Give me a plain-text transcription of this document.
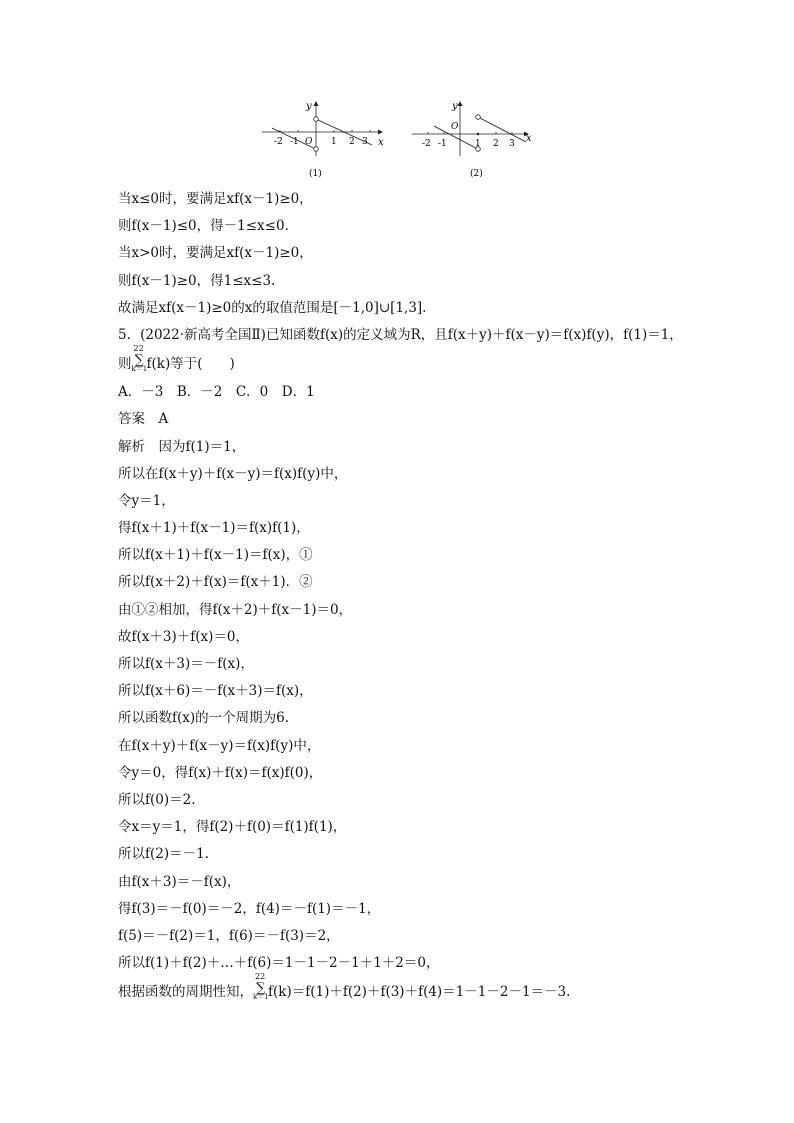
y
x
-2 -1 O 1 2 3
(1)
y
x
O
-2 -1	1 2 3
(2)
当x≤0时，要满足xf(x－1)≥0，
则f(x－1)≤0，得－1≤x≤0.
当x>0时，要满足xf(x－1)≥0，
则f(x－1)≥0，得1≤x≤3.
故满足xf(x－1)≥0的x的取值范围是[－1,0]∪[1,3].
5．(2022·新高考全国Ⅱ)已知函数f(x)的定义域为R，且f(x＋y)＋f(x－y)＝f(x)f(y)，f(1)＝1，
则
22
∑
k＝1 f(k)等于(　　)
A．－3　B．－2　C．0　D．1
答案　A
解析　因为f(1)＝1，
所以在f(x＋y)＋f(x－y)＝f(x)f(y)中，
令y＝1，
得f(x＋1)＋f(x－1)＝f(x)f(1)，
所以f(x＋1)＋f(x－1)＝f(x)，①
所以f(x＋2)＋f(x)＝f(x＋1)．②
由①②相加，得f(x＋2)＋f(x－1)＝0，
故f(x＋3)＋f(x)＝0，
所以f(x＋3)＝－f(x)，
所以f(x＋6)＝－f(x＋3)＝f(x)，
所以函数f(x)的一个周期为6.
在f(x＋y)＋f(x－y)＝f(x)f(y)中，
令y＝0，得f(x)＋f(x)＝f(x)f(0)，
所以f(0)＝2.
令x＝y＝1，得f(2)＋f(0)＝f(1)f(1)，
所以f(2)＝－1.
由f(x＋3)＝－f(x)，
得f(3)＝－f(0)＝－2，f(4)＝－f(1)＝－1，
f(5)＝－f(2)＝1，f(6)＝－f(3)＝2，
所以f(1)＋f(2)＋…＋f(6)＝1－1－2－1＋1＋2＝0，
根据函数的周期性知，
22
∑
k＝1 f(k)＝f(1)＋f(2)＋f(3)＋f(4)＝1－1－2－1＝－3.
